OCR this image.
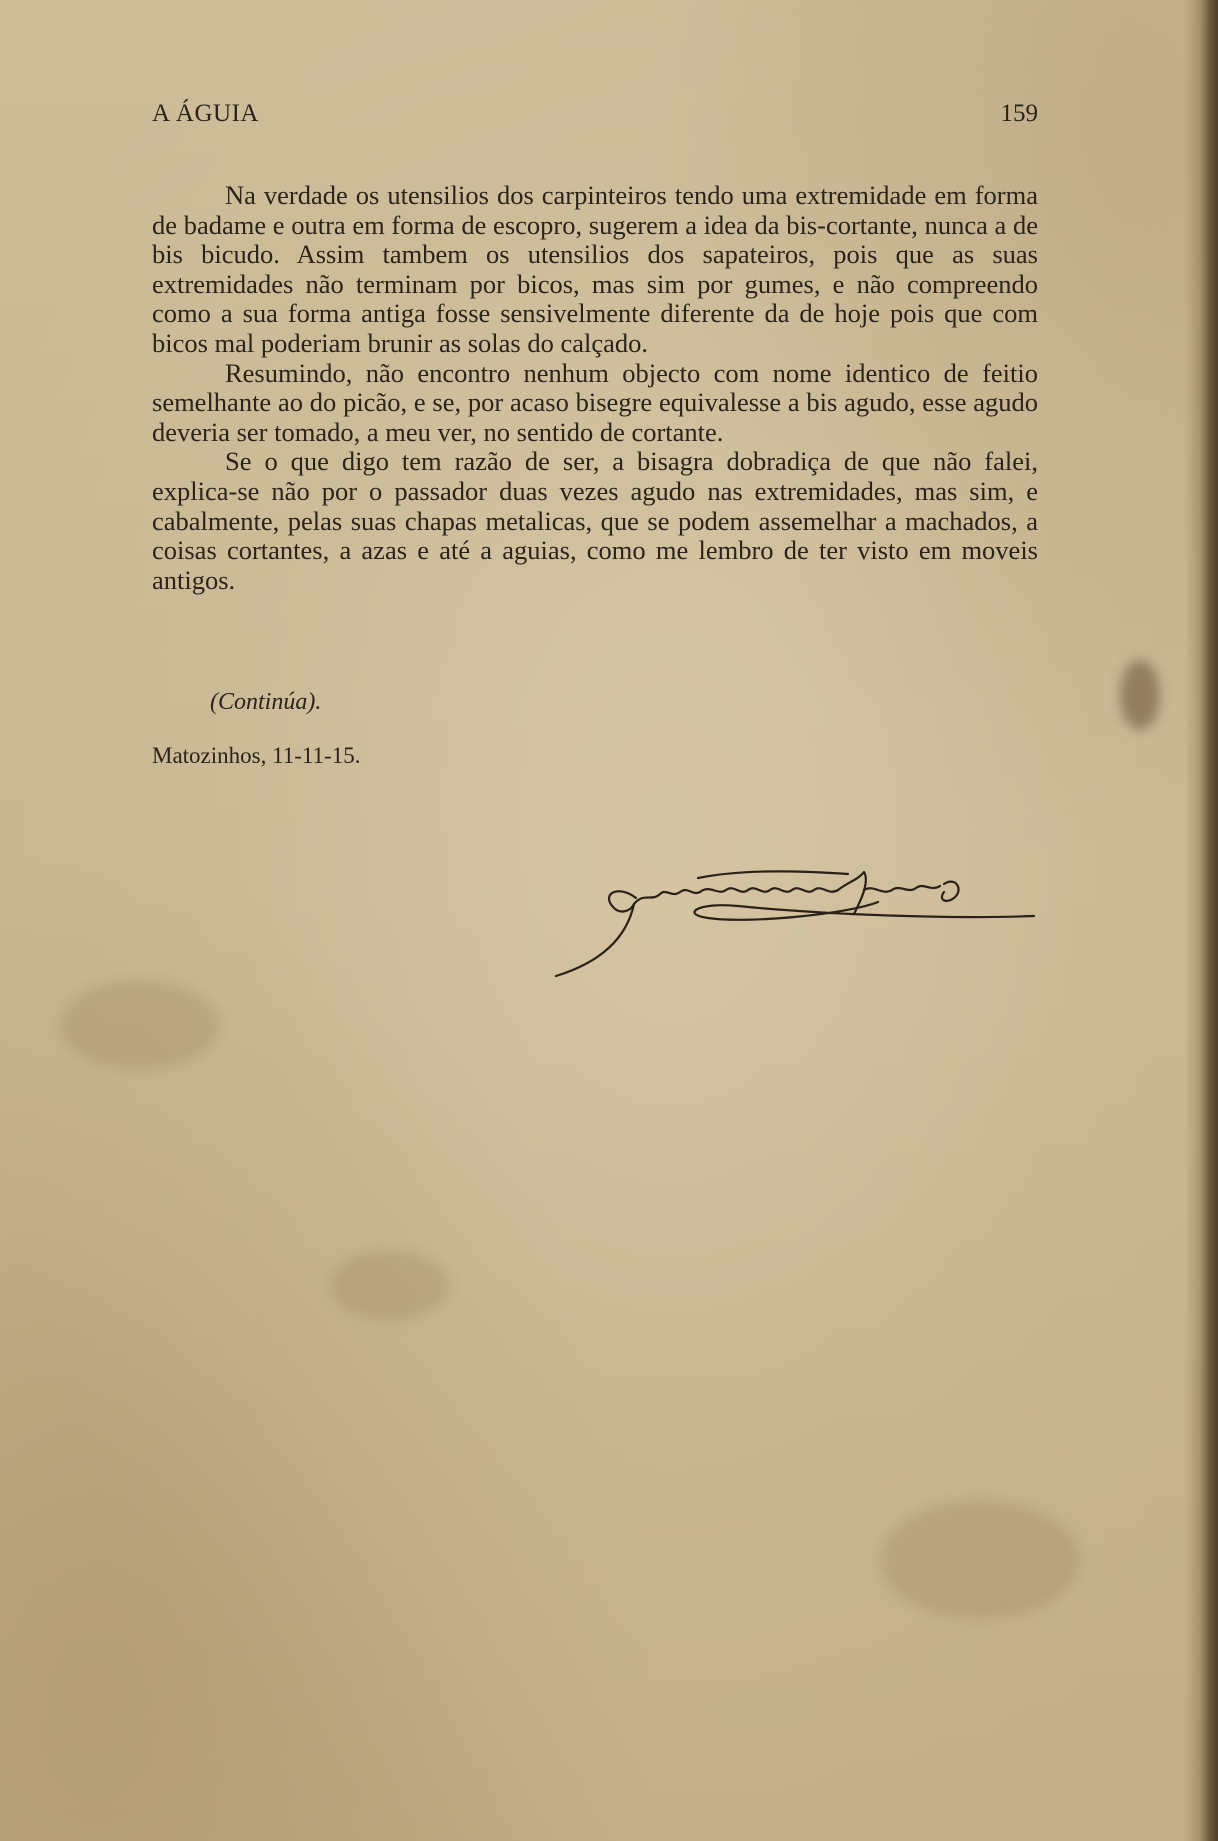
A ÁGUIA	159

Na verdade os utensilios dos carpinteiros tendo uma extremidade em forma de badame e outra em forma de escopro, sugerem a idea da bis-cortante, nunca a de bis bicudo. Assim tambem os utensilios dos sapateiros, pois que as suas extremidades não terminam por bicos, mas sim por gumes, e não compreendo como a sua forma antiga fosse sensivelmente diferente da de hoje pois que com bicos mal poderiam brunir as solas do calçado.

Resumindo, não encontro nenhum objecto com nome identico de feitio semelhante ao do picão, e se, por acaso bisegre equivalesse a bis agudo, esse agudo deveria ser tomado, a meu ver, no sentido de cortante.

Se o que digo tem razão de ser, a bisagra dobradiça de que não falei, explica-se não por o passador duas vezes agudo nas extremidades, mas sim, e cabalmente, pelas suas chapas metalicas, que se podem assemelhar a machados, a coisas cortantes, a azas e até a aguias, como me lembro de ter visto em moveis antigos.

(Continúa).
Matozinhos, 11-11-15.
